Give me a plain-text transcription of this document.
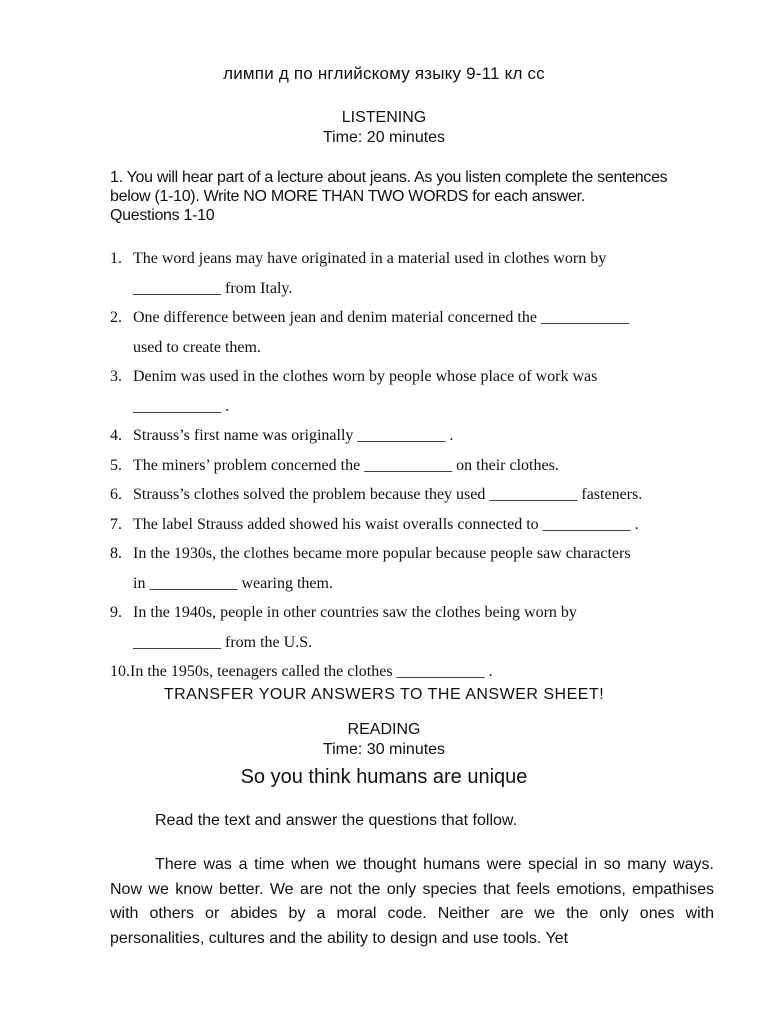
лимпи д по нглийскому языку 9-11 кл сс
LISTENING
Time: 20 minutes
1. You will hear part of a lecture about jeans. As you listen complete the sentences below (1-10). Write NO MORE THAN TWO WORDS for each answer.
Questions 1-10
1. The word jeans may have originated in a material used in clothes worn by
___________ from Italy.
2. One difference between jean and denim material concerned the ___________
used to create them.
3. Denim was used in the clothes worn by people whose place of work was
___________ .
4. Strauss’s first name was originally ___________ .
5. The miners’ problem concerned the ___________ on their clothes.
6. Strauss’s clothes solved the problem because they used ___________ fasteners.
7. The label Strauss added showed his waist overalls connected to ___________ .
8. In the 1930s, the clothes became more popular because people saw characters
in ___________ wearing them.
9. In the 1940s, people in other countries saw the clothes being worn by
___________ from the U.S.
10. In the 1950s, teenagers called the clothes ___________ .
TRANSFER YOUR ANSWERS TO THE ANSWER SHEET!
READING
Time: 30 minutes
So you think humans are unique
Read the text and answer the questions that follow.
There was a time when we thought humans were special in so many ways. Now we know better. We are not the only species that feels emotions, empathises with others or abides by a moral code. Neither are we the only ones with personalities, cultures and the ability to design and use tools. Yet
